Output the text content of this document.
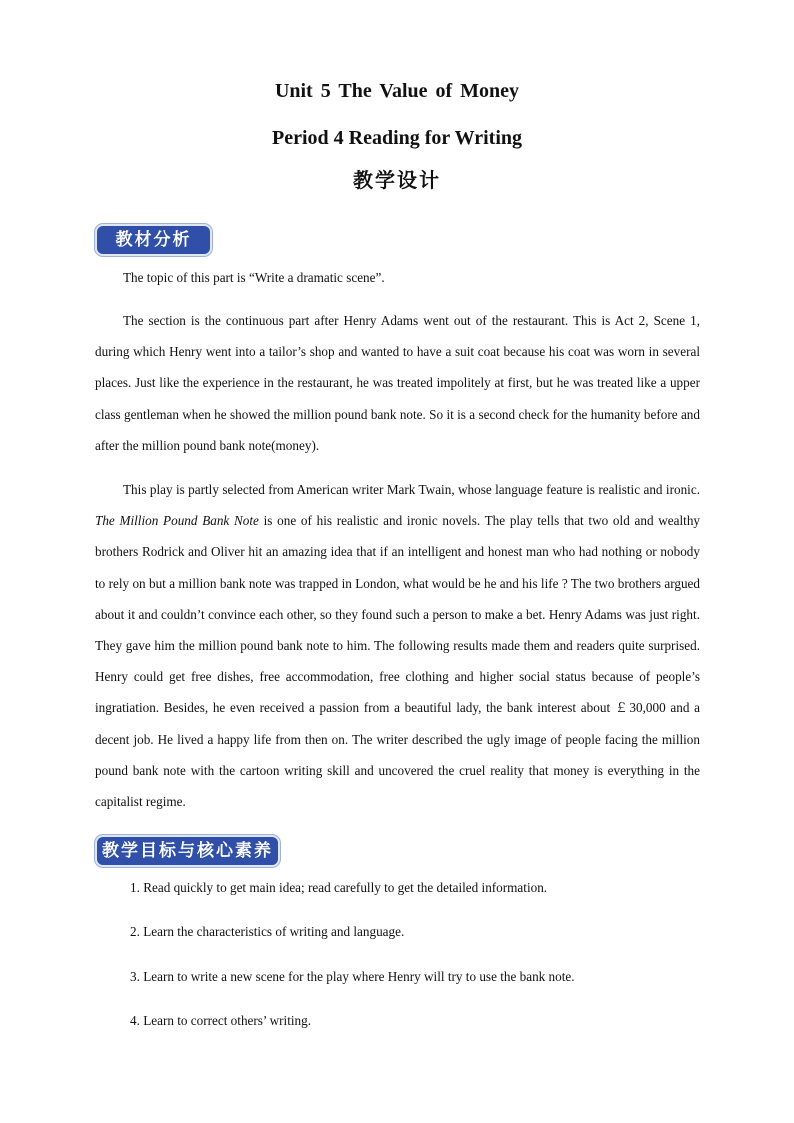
Unit 5 The Value of Money
Period 4 Reading for Writing
教学设计
教材分析

The topic of this part is “Write a dramatic scene”.

The section is the continuous part after Henry Adams went out of the restaurant. This is Act 2, Scene 1, during which Henry went into a tailor’s shop and wanted to have a suit coat because his coat was worn in several places. Just like the experience in the restaurant, he was treated impolitely at first, but he was treated like a upper class gentleman when he showed the million pound bank note. So it is a second check for the humanity before and after the million pound bank note(money).

This play is partly selected from American writer Mark Twain, whose language feature is realistic and ironic. The Million Pound Bank Note is one of his realistic and ironic novels. The play tells that two old and wealthy brothers Rodrick and Oliver hit an amazing idea that if an intelligent and honest man who had nothing or nobody to rely on but a million bank note was trapped in London, what would be he and his life ? The two brothers argued about it and couldn’t convince each other, so they found such a person to make a bet. Henry Adams was just right. They gave him the million pound bank note to him. The following results made them and readers quite surprised. Henry could get free dishes, free accommodation, free clothing and higher social status because of people’s ingratiation. Besides, he even received a passion from a beautiful lady, the bank interest about ￡30,000 and a decent job. He lived a happy life from then on. The writer described the ugly image of people facing the million pound bank note with the cartoon writing skill and uncovered the cruel reality that money is everything in the capitalist regime.

教学目标与核心素养

1. Read quickly to get main idea; read carefully to get the detailed information.

2. Learn the characteristics of writing and language.

3. Learn to write a new scene for the play where Henry will try to use the bank note.

4. Learn to correct others’ writing.
